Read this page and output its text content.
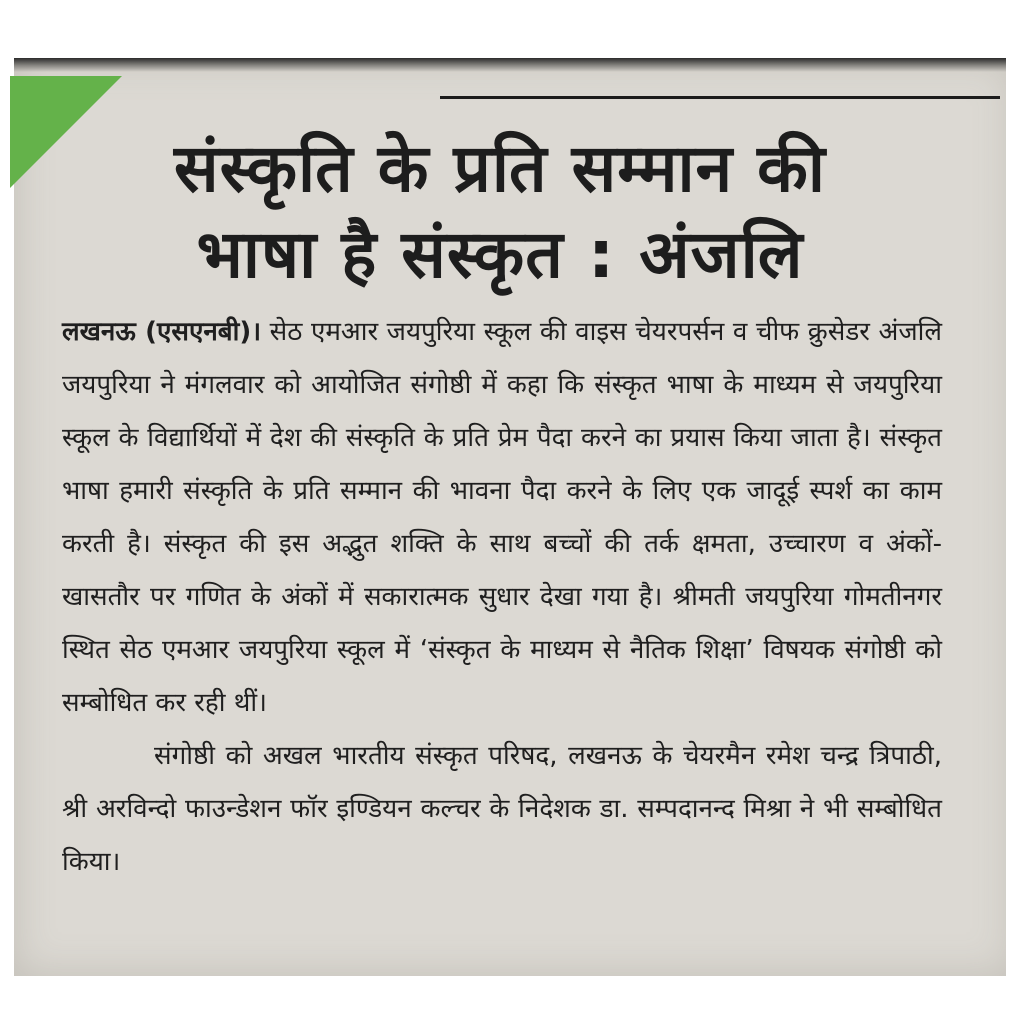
संस्कृति के प्रति सम्मान की
भाषा है संस्कृत : अंजलि

लखनऊ (एसएनबी)। सेठ एमआर जयपुरिया स्कूल की वाइस चेयरपर्सन व चीफ क्रुसेडर अंजलि जयपुरिया ने मंगलवार को आयोजित संगोष्ठी में कहा कि संस्कृत भाषा के माध्यम से जयपुरिया स्कूल के विद्यार्थियों में देश की संस्कृति के प्रति प्रेम पैदा करने का प्रयास किया जाता है। संस्कृत भाषा हमारी संस्कृति के प्रति सम्मान की भावना पैदा करने के लिए एक जादूई स्पर्श का काम करती है। संस्कृत की इस अद्भुत शक्ति के साथ बच्चों की तर्क क्षमता, उच्चारण व अंकों-खासतौर पर गणित के अंकों में सकारात्मक सुधार देखा गया है। श्रीमती जयपुरिया गोमतीनगर स्थित सेठ एमआर जयपुरिया स्कूल में ‘संस्कृत के माध्यम से नैतिक शिक्षा’ विषयक संगोष्ठी को सम्बोधित कर रही थीं।

संगोष्ठी को अखल भारतीय संस्कृत परिषद, लखनऊ के चेयरमैन रमेश चन्द्र त्रिपाठी, श्री अरविन्दो फाउन्डेशन फॉर इण्डियन कल्चर के निदेशक डा. सम्पदानन्द मिश्रा ने भी सम्बोधित किया।
